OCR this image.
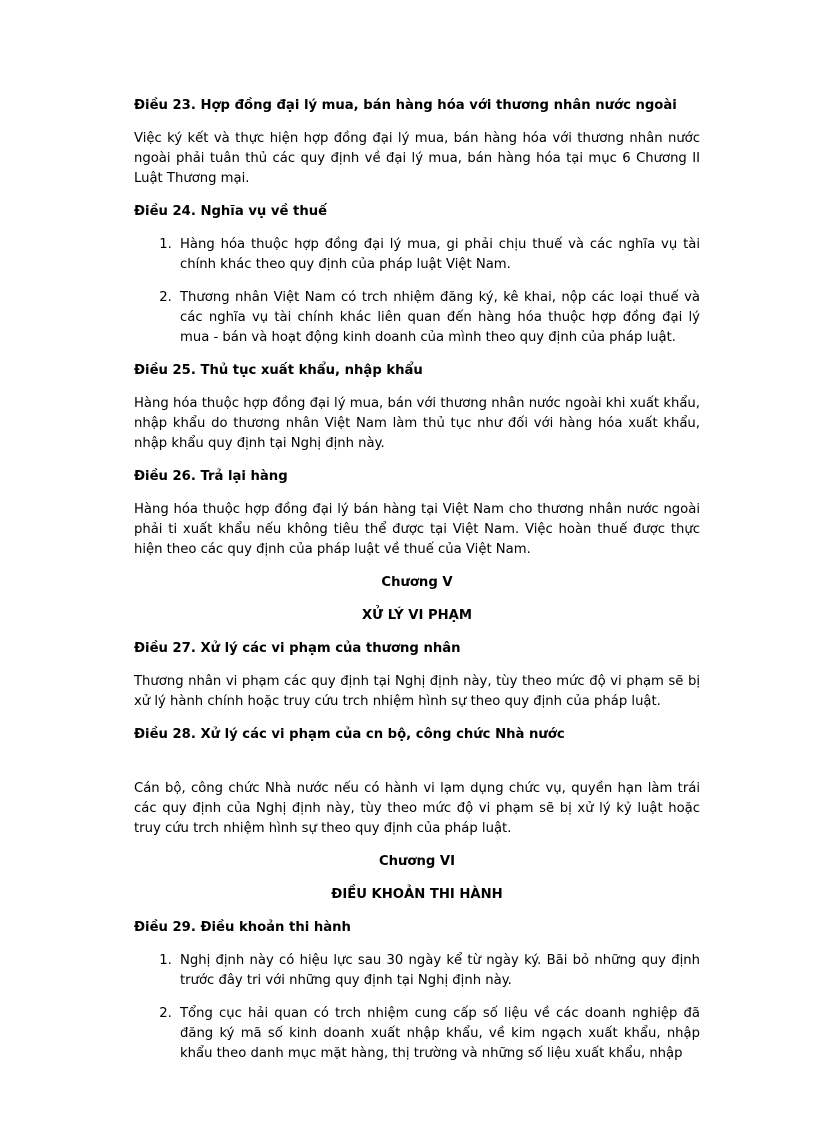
Điều 23. Hợp đồng đại lý mua, bán hàng hóa với thương nhân nước ngoài
Việc ký kết và thực hiện hợp đồng đại lý mua, bán hàng hóa với thương nhân nước ngoài phải tuân thủ các quy định về đại lý mua, bán hàng hóa tại mục 6 Chương II Luật Thương mại.
Điều 24. Nghĩa vụ về thuế
1. Hàng hóa thuộc hợp đồng đại lý mua, gi phải chịu thuế và các nghĩa vụ tài chính khác theo quy định của pháp luật Việt Nam.
2. Thương nhân Việt Nam có trch nhiệm đăng ký, kê khai, nộp các loại thuế và các nghĩa vụ tài chính khác liên quan đến hàng hóa thuộc hợp đồng đại lý mua - bán và hoạt động kinh doanh của mình theo quy định của pháp luật.
Điều 25. Thủ tục xuất khẩu, nhập khẩu
Hàng hóa thuộc hợp đồng đại lý mua, bán với thương nhân nước ngoài khi xuất khẩu, nhập khẩu do thương nhân Việt Nam làm thủ tục như đối với hàng hóa xuất khẩu, nhập khẩu quy định tại Nghị định này.
Điều 26. Trả lại hàng
Hàng hóa thuộc hợp đồng đại lý bán hàng tại Việt Nam cho thương nhân nước ngoài phải ti xuất khẩu nếu không tiêu thể được tại Việt Nam. Việc hoàn thuế được thực hiện theo các quy định của pháp luật về thuế của Việt Nam.
Chương V
XỬ LÝ VI PHẠM
Điều 27. Xử lý các vi phạm của thương nhân
Thương nhân vi phạm các quy định tại Nghị định này, tùy theo mức độ vi phạm sẽ bị xử lý hành chính hoặc truy cứu trch nhiệm hình sự theo quy định của pháp luật.
Điều 28. Xử lý các vi phạm của cn bộ, công chức Nhà nước
Cán bộ, công chức Nhà nước nếu có hành vi lạm dụng chức vụ, quyền hạn làm trái các quy định của Nghị định này, tùy theo mức độ vi phạm sẽ bị xử lý kỷ luật hoặc truy cứu trch nhiệm hình sự theo quy định của pháp luật.
Chương VI
ĐIỀU KHOẢN THI HÀNH
Điều 29. Điều khoản thi hành
1. Nghị định này có hiệu lực sau 30 ngày kể từ ngày ký. Bãi bỏ những quy định trước đây tri với những quy định tại Nghị định này.
2. Tổng cục hải quan có trch nhiệm cung cấp số liệu về các doanh nghiệp đã đăng ký mã số kinh doanh xuất nhập khẩu, về kim ngạch xuất khẩu, nhập khẩu theo danh mục mặt hàng, thị trường và những số liệu xuất khẩu, nhập
